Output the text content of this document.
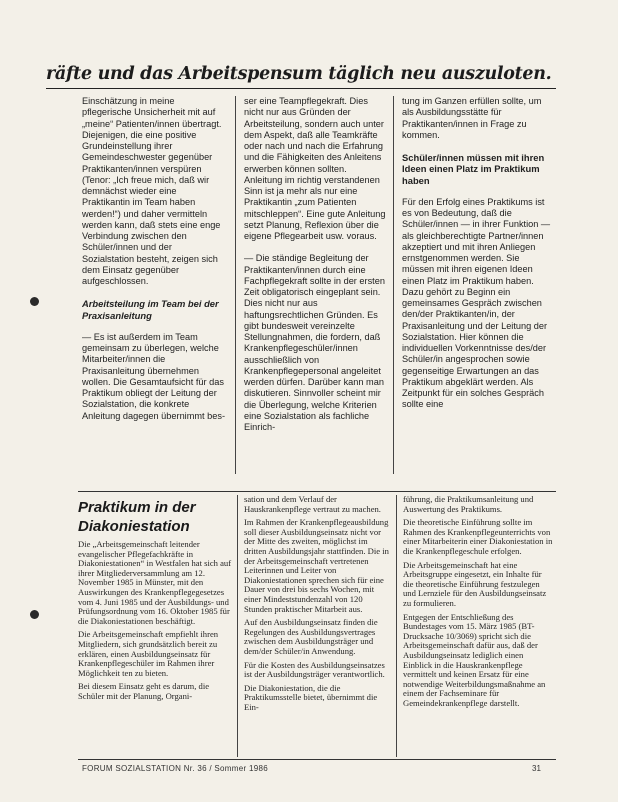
räfte und das Arbeitspensum täglich neu auszuloten.

Einschätzung in meine pflegerische Unsicherheit mit auf „meine“ Patienten/innen übertragt. Diejenigen, die eine positive Grundeinstellung ihrer Gemeindeschwester gegenüber Praktikanten/innen verspüren (Tenor: „Ich freue mich, daß wir demnächst wieder eine Praktikantin im Team haben werden!“) und daher vermitteln werden kann, daß stets eine enge Verbindung zwischen den Schüler/innen und der Sozialstation besteht, zeigen sich dem Einsatz gegenüber aufgeschlossen.

Arbeitsteilung im Team bei der Praxisanleitung

— Es ist außerdem im Team gemeinsam zu überlegen, welche Mitarbeiter/innen die Praxisanleitung übernehmen wollen. Die Gesamtaufsicht für das Praktikum obliegt der Leitung der Sozialstation, die konkrete Anleitung dagegen übernimmt bes-

ser eine Teampflegekraft. Dies nicht nur aus Gründen der Arbeitsteilung, sondern auch unter dem Aspekt, daß alle Teamkräfte oder nach und nach die Erfahrung und die Fähigkeiten des Anleitens erwerben können sollten. Anleitung im richtig verstandenen Sinn ist ja mehr als nur eine Praktikantin „zum Patienten mitschleppen“. Eine gute Anleitung setzt Planung, Reflexion über die eigene Pflegearbeit usw. voraus.

— Die ständige Begleitung der Praktikanten/innen durch eine Fachpflegekraft sollte in der ersten Zeit obligatorisch eingeplant sein. Dies nicht nur aus haftungsrechtlichen Gründen. Es gibt bundesweit vereinzelte Stellungnahmen, die fordern, daß Krankenpflegeschüler/innen ausschließlich von Krankenpflegepersonal angeleitet werden dürfen. Darüber kann man diskutieren. Sinnvoller scheint mir die Überlegung, welche Kriterien eine Sozialstation als fachliche Einrich-

tung im Ganzen erfüllen sollte, um als Ausbildungsstätte für Praktikanten/innen in Frage zu kommen.

Schüler/innen müssen mit ihren Ideen einen Platz im Praktikum haben

Für den Erfolg eines Praktikums ist es von Bedeutung, daß die Schüler/innen — in ihrer Funktion — als gleichberechtigte Partner/innen akzeptiert und mit ihren Anliegen ernstgenommen werden. Sie müssen mit ihren eigenen Ideen einen Platz im Praktikum haben. Dazu gehört zu Beginn ein gemeinsames Gespräch zwischen den/der Praktikanten/in, der Praxisanleitung und der Leitung der Sozialstation. Hier können die individuellen Vorkenntnisse des/der Schüler/in angesprochen sowie gegenseitige Erwartungen an das Praktikum abgeklärt werden. Als Zeitpunkt für ein solches Gespräch sollte eine

Praktikum in der Diakoniestation

Die „Arbeitsgemeinschaft leitender evangelischer Pflegefachkräfte in Diakoniestationen“ in Westfalen hat sich auf ihrer Mitgliederversammlung am 12. November 1985 in Münster, mit den Auswirkungen des Krankenpflegegesetzes vom 4. Juni 1985 und der Ausbildungs- und Prüfungsordnung vom 16. Oktober 1985 für die Diakoniestationen beschäftigt.

Die Arbeitsgemeinschaft empfiehlt ihren Mitgliedern, sich grundsätzlich bereit zu erklären, einen Ausbildungseinsatz für Krankenpflegeschüler im Rahmen ihrer Möglichkeit ten zu bieten.

Bei diesem Einsatz geht es darum, die Schüler mit der Planung, Organi-

sation und dem Verlauf der Hauskrankenpflege vertraut zu machen.

Im Rahmen der Krankenpflegeausbildung soll dieser Ausbildungseinsatz nicht vor der Mitte des zweiten, möglichst im dritten Ausbildungsjahr stattfinden. Die in der Arbeitsgemeinschaft vertretenen Leiterinnen und Leiter von Diakoniestationen sprechen sich für eine Dauer von drei bis sechs Wochen, mit einer Mindeststundenzahl von 120 Stunden praktischer Mitarbeit aus.

Auf den Ausbildungseinsatz finden die Regelungen des Ausbildungsvertrages zwischen dem Ausbildungsträger und dem/der Schüler/in Anwendung.

Für die Kosten des Ausbildungseinsatzes ist der Ausbildungsträger verantwortlich.

Die Diakoniestation, die die Praktikumsstelle bietet, übernimmt die Ein-

führung, die Praktikumsanleitung und Auswertung des Praktikums.

Die theoretische Einführung sollte im Rahmen des Krankenpflegeunterrichts von einer Mitarbeiterin einer Diakoniestation in die Krankenpflegeschule erfolgen.

Die Arbeitsgemeinschaft hat eine Arbeitsgruppe eingesetzt, ein Inhalte für die theoretische Einführung festzulegen und Lernziele für den Ausbildungseinsatz zu formulieren.

Entgegen der Entschließung des Bundestages vom 15. März 1985 (BT-Drucksache 10/3069) spricht sich die Arbeitsgemeinschaft dafür aus, daß der Ausbildungseinsatz lediglich einen Einblick in die Hauskrankenpflege vermittelt und keinen Ersatz für eine notwendige Weiterbildungsmaßnahme an einem der Fachseminare für Gemeindekrankenpflege darstellt.

FORUM SOZIALSTATION Nr. 36 / Sommer 1986	31
